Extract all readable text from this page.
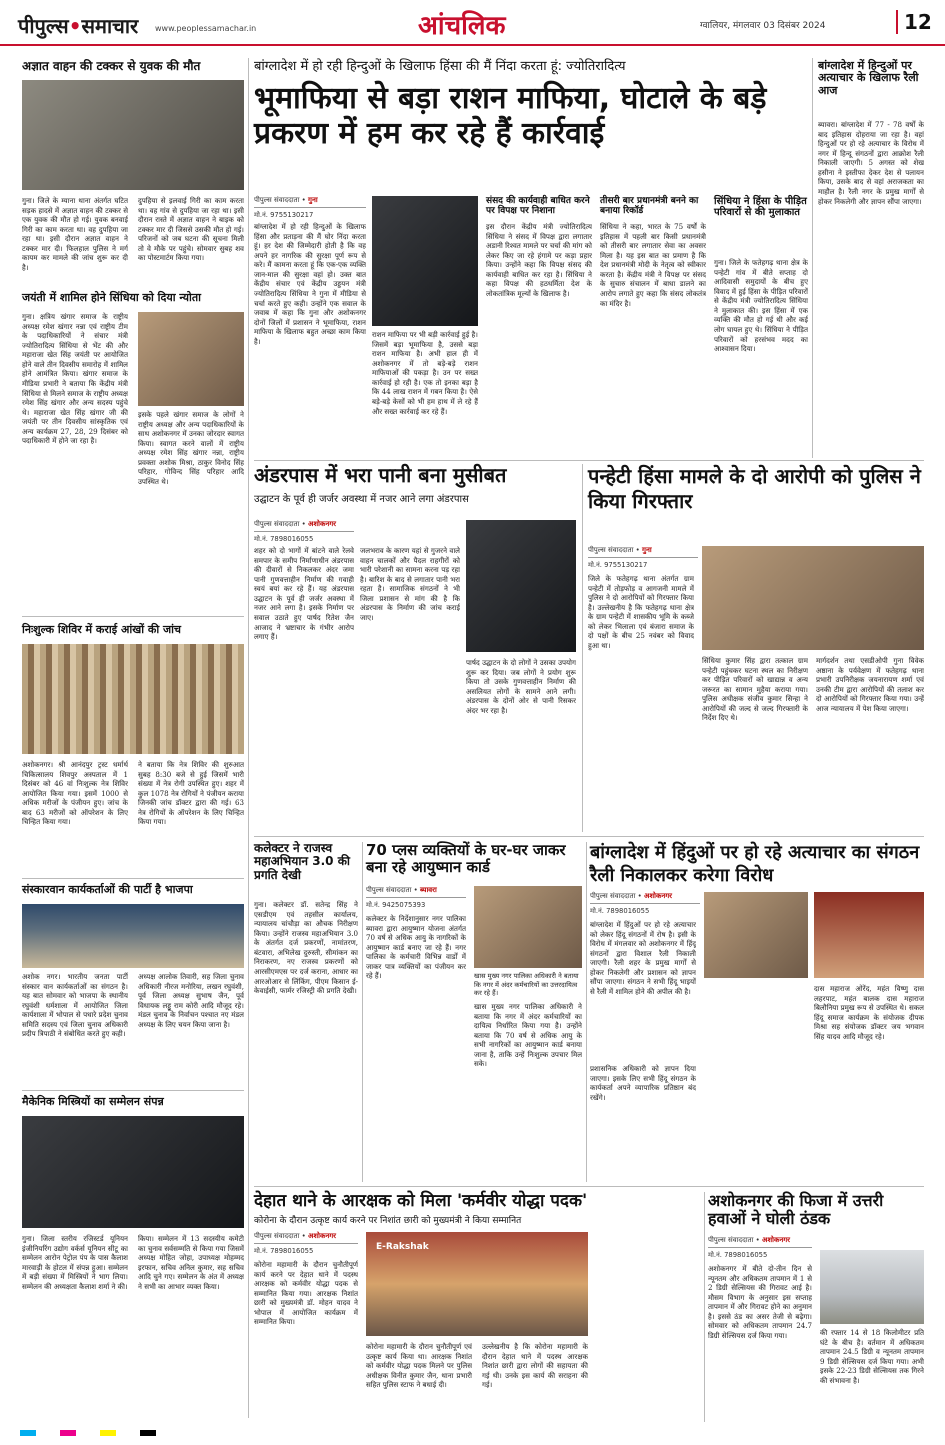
पीपुल्स•समाचार www.peoplessamachar.in	आंचलिक	ग्वालियर, मंगलवार 03 दिसंबर 2024	12
अज्ञात वाहन की टक्कर से युवक की मौत
गुना। जिले के म्याना थाना अंतर्गत घटित सड़क हादसे में अज्ञात वाहन की टक्कर से एक युवक की मौत हो गई। युवक बनवाई गिरी का काम करता था। वह दुपहिया जा रहा था। इसी दौरान अज्ञात वाहन ने टक्कर मार दी। फिलहाल पुलिस ने मर्ग कायम कर मामले की जांच शुरू कर दी है।
दुपहिया से इलवाई गिरी का काम करता था। वह गांव से दुपहिया जा रहा था। इसी दौरान रास्ते में अज्ञात वाहन ने बाइक को टक्कर मार दी जिससे उसकी मौत हो गई। परिजनों को जब घटना की सूचना मिली तो वे मौके पर पहुंचे। सोमवार सुबह शव का पोस्टमार्टम किया गया।
जयंती में शामिल होने सिंधिया को दिया न्योता
गुना। क्षत्रिय खंगार समाज के राष्ट्रीय अध्यक्ष रमेश खंगार नन्ना एवं राष्ट्रीय टीम के पदाधिकारियों ने संचार मंत्री ज्योतिरादित्य सिंधिया से भेंट की और महाराजा खेत सिंह जयंती पर आयोजित होने वाले तीन दिवसीय समारोह में शामिल होने आमंत्रित किया। खंगार समाज के मीडिया प्रभारी ने बताया कि केंद्रीय मंत्री सिंधिया से मिलने समाज के राष्ट्रीय अध्यक्ष रमेश सिंह खंगार और अन्य सदस्य पहुंचे थे। महाराजा खेत सिंह खंगार जी की जयंती पर तीन दिवसीय सांस्कृतिक एवं अन्य कार्यक्रम 27, 28, 29 दिसंबर को पदाधिकारी में होने जा रहा है।
इसके पहले खंगार समाज के लोगों ने राष्ट्रीय अध्यक्ष और अन्य पदाधिकारियों के साथ अशोकनगर में उनका जोरदार स्वागत किया। स्वागत करने वालों में राष्ट्रीय अध्यक्ष रमेश सिंह खंगार नन्ना, राष्ट्रीय प्रवक्ता अशोक मिश्रा, ठाकुर विनोद सिंह परिहार, गोविन्द सिंह परिहार आदि उपस्थित थे।
निःशुल्क शिविर में कराई आंखों की जांच
अशोकनगर। श्री आनंदपुर ट्रस्ट धर्मार्थ चिकित्सालय शिवपुर अस्पताल में 1 दिसंबर को 46 वां निःशुल्क नेत्र शिविर आयोजित किया गया। इसमें 1000 से अधिक मरीजों के पंजीयन हुए। जांच के बाद 63 मरीजों को ऑपरेशन के लिए चिन्हित किया गया।
ने बताया कि नेत्र शिविर की शुरुआत सुबह 8:30 बजे से हुई जिसमें भारी संख्या में नेत्र रोगी उपस्थित हुए। शहर में कुल 1078 नेत्र रोगियों ने पंजीयन कराया जिनकी जांच डॉक्टर द्वारा की गई। 63 नेत्र रोगियों के ऑपरेशन के लिए चिन्हित किया गया।
संस्कारवान कार्यकर्ताओं की पार्टी है भाजपा
अशोक नगर। भारतीय जनता पार्टी संस्कार वान कार्यकर्ताओं का संगठन है। यह बात सोमवार को भाजपा के स्थानीय रघुवंशी धर्मशाला में आयोजित जिला कार्यशाला में भोपाल से पधारे प्रदेश चुनाव समिति सदस्य एवं जिला चुनाव अधिकारी प्रदीप त्रिपाठी ने संबोधित करते हुए कही।
अध्यक्ष आलोक तिवारी, सह जिला चुनाव अधिकारी नीरज मनोरिया, लखन रघुवंशी, पूर्व जिला अध्यक्ष सुभाष जैन, पूर्व विधायक लड्डू राम कोरी आदि मौजूद रहे। मंडल चुनाव के निर्वाचन पश्चात नए मंडल अध्यक्ष के लिए चयन किया जाना है।
मैकेनिक मिस्त्रियों का सम्मेलन संपन्न
गुना। जिला स्तरीय रजिस्टर्ड यूनियन इंजीनियरिंग उद्योग वर्कर्स यूनियन सीटू का सम्मेलन आरोन पेट्रोल पंप के पास कैलाश मारवाड़ी के होटल में संपन्न हुआ। सम्मेलन में बड़ी संख्या में मिस्त्रियों ने भाग लिया। सम्मेलन की अध्यक्षता कैलाश शर्मा ने की।
किया। सम्मेलन में 13 सदस्यीय कमेटी का चुनाव सर्वसम्मति से किया गया जिसमें अध्यक्ष मोहित जोहा, उपाध्यक्ष मोहम्मद इरफान, सचिव अनिल कुमार, सह सचिव आदि चुने गए। सम्मेलन के अंत में अध्यक्ष ने सभी का आभार व्यक्त किया।
बांग्लादेश में हो रही हिन्दुओं के खिलाफ हिंसा की मैं निंदा करता हूं: ज्योतिरादित्य
भूमाफिया से बड़ा राशन माफिया, घोटाले के बड़े प्रकरण में हम कर रहे हैं कार्रवाई
पीपुल्स संवाददाता • गुना
मो.नं. 9755130217
बांग्लादेश में हो रही हिन्दुओं के खिलाफ हिंसा और प्रताड़ना की मैं घोर निंदा करता हूं। हर देश की जिम्मेदारी होती है कि वह अपने हर नागरिक की सुरक्षा पूर्ण रूप से करे। मैं कामना करता हूं कि एक-एक व्यक्ति जान-माल की सुरक्षा वहां हो। उक्त बात केंद्रीय संचार एवं केंद्रीय उड्डयन मंत्री ज्योतिरादित्य सिंधिया ने गुना में मीडिया से चर्चा करते हुए कही। उन्होंने एक सवाल के जवाब में कहा कि गुना और अशोकनगर दोनों जिलों में प्रशासन ने भूमाफिया, राशन माफिया के खिलाफ बहुत अच्छा काम किया है।
राशन माफिया पर भी बड़ी कार्रवाई हुई है। जिसमें बड़ा भूमाफिया है, उससे बड़ा राशन माफिया है। अभी हाल ही में अशोकनगर में तो बड़े-बड़े राशन माफियाओं की पकड़ा है। उन पर सख्त कार्रवाई हो रही है। एक तो इनका बड़ा है कि 44 लाख राशन में गबन किया है। ऐसे बड़े-बड़े केसों को भी हम हाथ में ले रहे हैं और सख्त कार्रवाई कर रहे हैं।
संसद की कार्यवाही बाधित करने पर विपक्ष पर निशाना
इस दौरान केंद्रीय मंत्री ज्योतिरादित्य सिंधिया ने संसद में विपक्ष द्वारा लगातार अडानी रिश्वत मामले पर चर्चा की मांग को लेकर किए जा रहे हंगामे पर कड़ा प्रहार किया। उन्होंने कहा कि विपक्ष संसद की कार्यवाही बाधित कर रहा है। सिंधिया ने कहा विपक्ष की हठधर्मिता देश के लोकतांत्रिक मूल्यों के खिलाफ है।
तीसरी बार प्रधानमंत्री बनने का बनाया रिकॉर्ड
सिंधिया ने कहा, भारत के 75 वर्षों के इतिहास में पहली बार किसी प्रधानमंत्री को तीसरी बार लगातार सेवा का अवसर मिला है। यह इस बात का प्रमाण है कि देश प्रधानमंत्री मोदी के नेतृत्व को स्वीकार करता है। केंद्रीय मंत्री ने विपक्ष पर संसद के सुचारु संचालन में बाधा डालने का आरोप लगाते हुए कहा कि संसद लोकतंत्र का मंदिर है।
सिंधिया ने हिंसा के पीड़ित परिवारों से की मुलाकात
गुना। जिले के फतेहगढ़ थाना क्षेत्र के पन्हेटी गांव में बीते सप्ताह दो आदिवासी समुदायों के बीच हुए विवाद में हुई हिंसा के पीड़ित परिवारों से केंद्रीय मंत्री ज्योतिरादित्य सिंधिया ने मुलाकात की। इस हिंसा में एक व्यक्ति की मौत हो गई थी और कई लोग घायल हुए थे। सिंधिया ने पीड़ित परिवारों को हरसंभव मदद का आश्वासन दिया।
बांग्लादेश में हिन्दुओं पर अत्याचार के खिलाफ रैली आज
ब्यावरा। बांग्लादेश में 77 - 78 वर्षों के बाद इतिहास दोहराया जा रहा है। वहां हिन्दुओं पर हो रहे अत्याचार के विरोध में नगर में हिन्दू संगठनों द्वारा आक्रोश रैली निकाली जाएगी। 5 अगस्त को शेख हसीना ने इस्तीफा देकर देश से पलायन किया, उसके बाद से वहां अराजकता का माहौल है। रैली नगर के प्रमुख मार्गों से होकर निकलेगी और ज्ञापन सौंपा जाएगा।
अंडरपास में भरा पानी बना मुसीबत
उद्घाटन के पूर्व ही जर्जर अवस्था में नजर आने लगा अंडरपास
पीपुल्स संवाददाता • अशोकनगर
मो.नं. 7898016055
शहर को दो भागों में बांटने वाले रेलवे समपार के समीप निर्माणाधीन अंडरपास की दीवारों से निकलकर अंदर जमा पानी गुणवत्ताहीन निर्माण की गवाही स्वयं बयां कर रहे हैं। यह अंडरपास उद्घाटन के पूर्व ही जर्जर अवस्था में नजर आने लगा है। इसके निर्माण पर सवाल उठाते हुए पार्षद रितेश जैन आजाद ने भ्रष्टाचार के गंभीर आरोप लगाए हैं।
जलभराव के कारण यहां से गुजरने वाले वाहन चालकों और पैदल राहगीरों को भारी परेशानी का सामना करना पड़ रहा है। बारिश के बाद से लगातार पानी भरा रहता है। सामाजिक संगठनों ने भी जिला प्रशासन से मांग की है कि अंडरपास के निर्माण की जांच कराई जाए।
पार्षद उद्घाटन के दो लोगों ने उसका उपयोग शुरू कर दिया। जब लोगों ने प्रयोग शुरू किया तो उसके गुणवत्ताहीन निर्माण की असलियत लोगों के सामने आने लगी। अंडरपास के दोनों ओर से पानी रिसकर अंदर भर रहा है।
पन्हेटी हिंसा मामले के दो आरोपी को पुलिस ने किया गिरफ्तार
पीपुल्स संवाददाता • गुना
मो.नं. 9755130217
जिले के फतेहगढ़ थाना अंतर्गत ग्राम पन्हेटी में तोड़फोड़ व आगजनी मामले में पुलिस ने दो आरोपियों को गिरफ्तार किया है। उल्लेखनीय है कि फतेहगढ़ थाना क्षेत्र के ग्राम पन्हेटी में शासकीय भूमि के कब्जे को लेकर भिलाला एवं बंजारा समाज के दो पक्षों के बीच 25 नवंबर को विवाद हुआ था।
सिंधिया कुमार सिंह द्वारा तत्काल ग्राम पन्हेटी पहुंचकर घटना स्थल का निरीक्षण कर पीड़ित परिवारों को खाद्यान्न व अन्य जरूरत का सामान मुहैया कराया गया। पुलिस अधीक्षक संजीव कुमार सिन्हा ने आरोपियों की जल्द से जल्द गिरफ्तारी के निर्देश दिए थे।
मार्गदर्शन तथा एसडीओपी गुना विवेक अष्ठाना के पर्यवेक्षण में फतेहगढ़ थाना प्रभारी उपनिरीक्षक जयनारायण शर्मा एवं उनकी टीम द्वारा आरोपियों की तलाश कर दो आरोपियों को गिरफ्तार किया गया। उन्हें आज न्यायालय में पेश किया जाएगा।
कलेक्टर ने राजस्व महाअभियान 3.0 की प्रगति देखी
गुना। कलेक्टर डॉ. सतेन्द्र सिंह ने एसडीएम एवं तहसील कार्यालय, न्यायालय चांचौड़ा का औचक निरीक्षण किया। उन्होंने राजस्व महाअभियान 3.0 के अंतर्गत दर्ज प्रकरणों, नामांतरण, बंटवारा, अभिलेख दुरुस्ती, सीमांकन का निराकरण, नए राजस्व प्रकरणों को आरसीएमएस पर दर्ज कराना, आधार का आरओआर से लिंकिंग, पीएम किसान ई-केवाईसी, फार्मर रजिस्ट्री की प्रगति देखी।
70 प्लस व्यक्तियों के घर-घर जाकर बना रहे आयुष्मान कार्ड
पीपुल्स संवाददाता • ब्यावरा
मो.नं. 9425075393
कलेक्टर के निर्देशानुसार नगर पालिका ब्यावरा द्वारा आयुष्मान योजना अंतर्गत 70 वर्ष से अधिक आयु के नागरिकों के आयुष्मान कार्ड बनाए जा रहे हैं। नगर पालिका के कर्मचारी विभिन्न वार्डों में जाकर पात्र व्यक्तियों का पंजीयन कर रहे हैं।	खास मुख्य नगर पालिका अधिकारी ने बताया कि नगर में अंदर कर्मचारियों का उत्तरदायित्व कर रहे हैं।
खास मुख्य नगर पालिका अधिकारी ने बताया कि नगर में अंदर कर्मचारियों का दायित्व निर्धारित किया गया है। उन्होंने बताया कि 70 वर्ष से अधिक आयु के सभी नागरिकों का आयुष्मान कार्ड बनाया जाना है, ताकि उन्हें निःशुल्क उपचार मिल सके।
बांग्लादेश में हिंदुओं पर हो रहे अत्याचार का संगठन रैली निकालकर करेगा विरोध
पीपुल्स संवाददाता • अशोकनगर
मो.नं. 7898016055
बांग्लादेश में हिंदुओं पर हो रहे अत्याचार को लेकर हिंदू संगठनों में रोष है। इसी के विरोध में मंगलवार को अशोकनगर में हिंदू संगठनों द्वारा विशाल रैली निकाली जाएगी। रैली शहर के प्रमुख मार्गों से होकर निकलेगी और प्रशासन को ज्ञापन सौंपा जाएगा। संगठन ने सभी हिंदू भाइयों से रैली में शामिल होने की अपील की है।
प्रशासनिक अधिकारी को ज्ञापन दिया जाएगा। इसके लिए सभी हिंदू संगठन के कार्यकर्ता अपने व्यापारिक प्रतिष्ठान बंद रखेंगे।
दास महाराज ओरेंद, महंत विष्णु दास लहरपाट, महंत बालक दास महाराज बिलौनिया प्रमुख रूप से उपस्थित थे। सकल हिंदू समाज कार्यक्रम के संयोजक दीपक मिश्रा सह संयोजक डॉक्टर जय भगवान सिंह यादव आदि मौजूद रहे।
देहात थाने के आरक्षक को मिला 'कर्मवीर योद्धा पदक'
कोरोना के दौरान उत्कृष्ट कार्य करने पर निशांत छारी को मुख्यमंत्री ने किया सम्मानित
पीपुल्स संवाददाता • अशोकनगर
मो.नं. 7898016055
कोरोना महामारी के दौरान चुनौतीपूर्ण कार्य करने पर देहात थाने में पदस्थ आरक्षक को कर्मवीर योद्धा पदक से सम्मानित किया गया। आरक्षक निशांत छारी को मुख्यमंत्री डॉ. मोहन यादव ने भोपाल में आयोजित कार्यक्रम में सम्मानित किया।
E-Rakshak
कोरोना महामारी के दौरान चुनौतीपूर्ण एवं उत्कृष्ट कार्य किया था। आरक्षक निशांत को कर्मवीर योद्धा पदक मिलने पर पुलिस अधीक्षक विनीत कुमार जैन, थाना प्रभारी सहित पुलिस स्टाफ ने बधाई दी।
उल्लेखनीय है कि कोरोना महामारी के दौरान देहात थाने में पदस्थ आरक्षक निशांत छारी द्वारा लोगों की सहायता की गई थी। उनके इस कार्य की सराहना की गई।
अशोकनगर की फिजा में उत्तरी हवाओं ने घोली ठंडक
पीपुल्स संवाददाता • अशोकनगर
मो.नं. 7898016055
अशोकनगर में बीते दो-तीन दिन से न्यूनतम और अधिकतम तापमान में 1 से 2 डिग्री सेल्सियस की गिरावट आई है। मौसम विभाग के अनुसार इस सप्ताह तापमान में और गिरावट होने का अनुमान है। इससे ठंड का असर तेजी से बढ़ेगा। सोमवार को अधिकतम तापमान 24.7 डिग्री सेल्सियस दर्ज किया गया।	की रफ्तार 14 से 18 किलोमीटर प्रति घंटे के बीच है। वर्तमान में अधिकतम तापमान 24.5 डिग्री व न्यूनतम तापमान 9 डिग्री सेल्सियस दर्ज किया गया। अभी इसके 22-23 डिग्री सेल्सियस तक गिरने की संभावना है।
